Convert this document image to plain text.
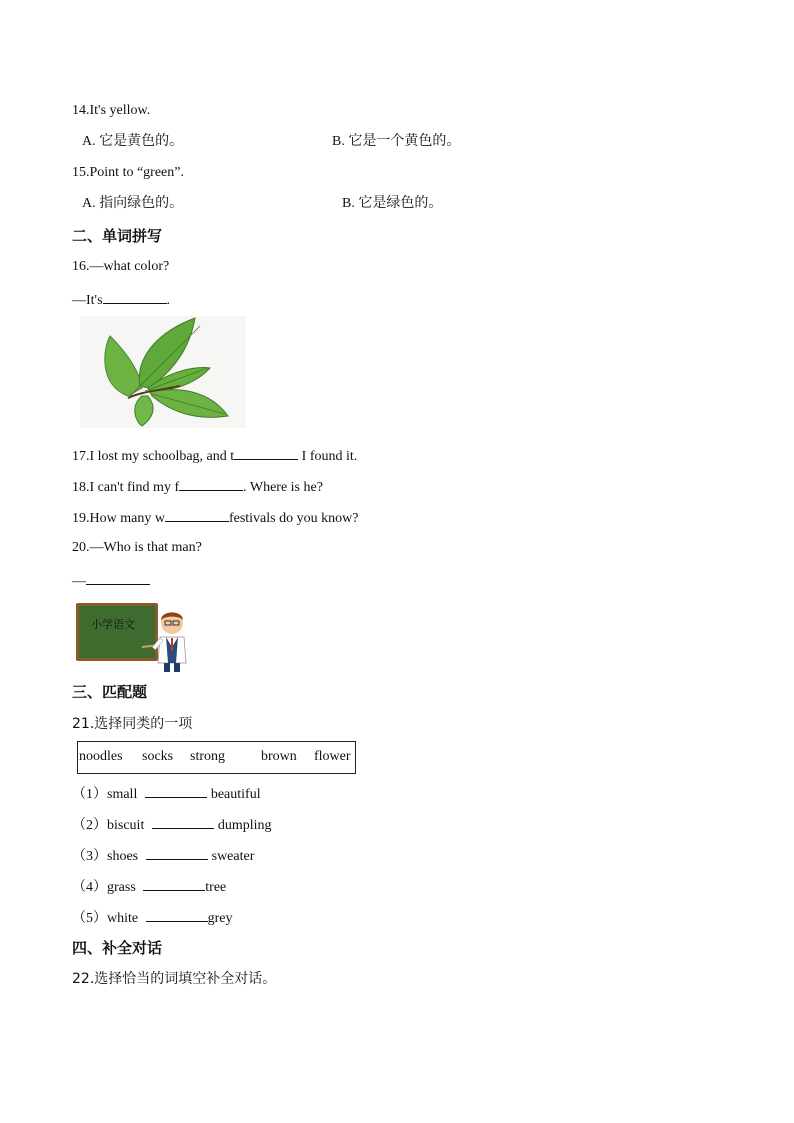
14.It's yellow.
A. 它是黄色的。	B. 它是一个黄色的。
15.Point to “green”.
A. 指向绿色的。	B. 它是绿色的。
二、单词拼写
16.—what color?
—It's	.
17.I lost my schoolbag, and t	I found it.
18.I can't find my f	. Where is he?
19.How many w	festivals do you know?
20.—Who is that man?
—
小学语文
三、匹配题
21.选择同类的一项
noodles socks strong	brown flower
（1）small	beautiful
（2）biscuit	dumpling
（3）shoes	sweater
（4）grass	tree
（5）white	grey
四、补全对话
22.选择恰当的词填空补全对话。
